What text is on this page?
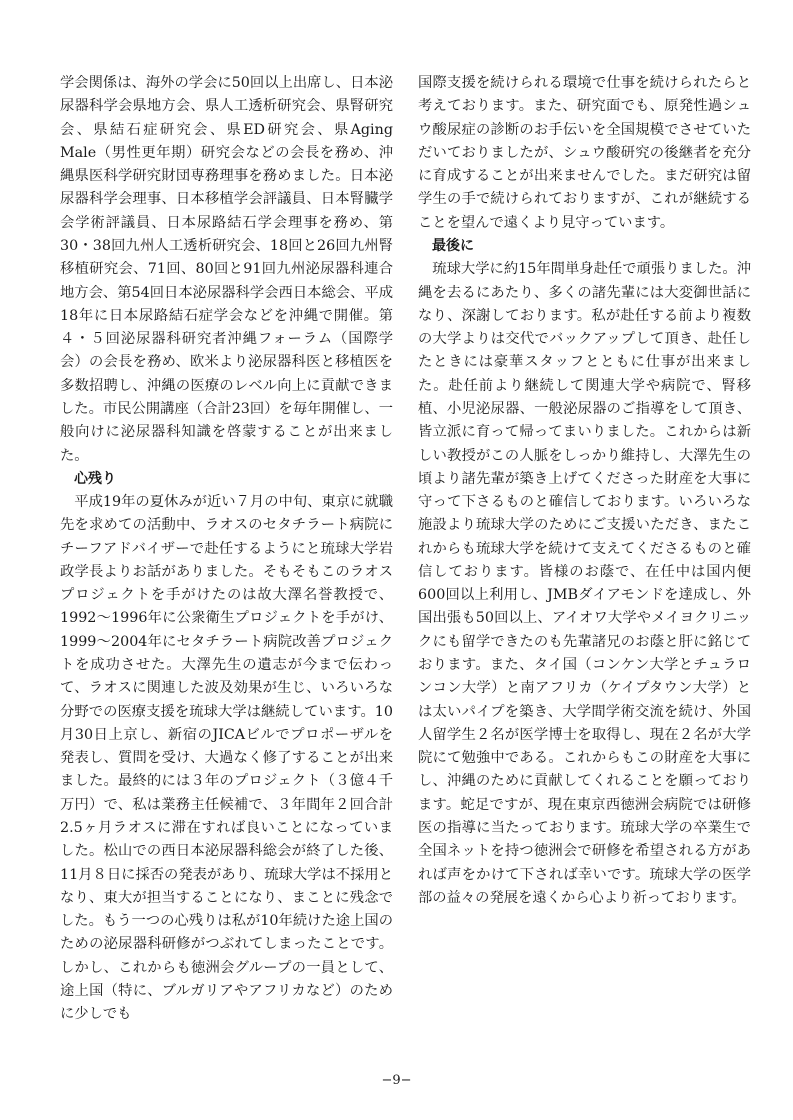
学会関係は、海外の学会に50回以上出席し、日本泌尿器科学会県地方会、県人工透析研究会、県腎研究会、県結石症研究会、県ED研究会、県Aging Male（男性更年期）研究会などの会長を務め、沖縄県医科学研究財団専務理事を務めました。日本泌尿器科学会理事、日本移植学会評議員、日本腎臓学会学術評議員、日本尿路結石学会理事を務め、第30・38回九州人工透析研究会、18回と26回九州腎移植研究会、71回、80回と91回九州泌尿器科連合地方会、第54回日本泌尿器科学会西日本総会、平成18年に日本尿路結石症学会などを沖縄で開催。第４・５回泌尿器科研究者沖縄フォーラム（国際学会）の会長を務め、欧米より泌尿器科医と移植医を多数招聘し、沖縄の医療のレベル向上に貢献できました。市民公開講座（合計23回）を毎年開催し、一般向けに泌尿器科知識を啓蒙することが出来ました。

心残り

平成19年の夏休みが近い７月の中旬、東京に就職先を求めての活動中、ラオスのセタチラート病院にチーフアドバイザーで赴任するようにと琉球大学岩政学長よりお話がありました。そもそもこのラオスプロジェクトを手がけたのは故大澤名誉教授で、1992〜1996年に公衆衛生プロジェクトを手がけ、1999〜2004年にセタチラート病院改善プロジェクトを成功させた。大澤先生の遺志が今まで伝わって、ラオスに関連した波及効果が生じ、いろいろな分野での医療支援を琉球大学は継続しています。10月30日上京し、新宿のJICAビルでプロポーザルを発表し、質問を受け、大過なく修了することが出来ました。最終的には３年のプロジェクト（３億４千万円）で、私は業務主任候補で、３年間年２回合計2.5ヶ月ラオスに滞在すれば良いことになっていました。松山での西日本泌尿器科総会が終了した後、11月８日に採否の発表があり、琉球大学は不採用となり、東大が担当することになり、まことに残念でした。もう一つの心残りは私が10年続けた途上国のための泌尿器科研修がつぶれてしまったことです。しかし、これからも徳洲会グループの一員として、途上国（特に、ブルガリアやアフリカなど）のために少しでも

国際支援を続けられる環境で仕事を続けられたらと考えております。また、研究面でも、原発性過シュウ酸尿症の診断のお手伝いを全国規模でさせていただいておりましたが、シュウ酸研究の後継者を充分に育成することが出来ませんでした。まだ研究は留学生の手で続けられておりますが、これが継続することを望んで遠くより見守っています。

最後に

琉球大学に約15年間単身赴任で頑張りました。沖縄を去るにあたり、多くの諸先輩には大変御世話になり、深謝しております。私が赴任する前より複数の大学よりは交代でバックアップして頂き、赴任したときには豪華スタッフとともに仕事が出来ました。赴任前より継続して関連大学や病院で、腎移植、小児泌尿器、一般泌尿器のご指導をして頂き、皆立派に育って帰ってまいりました。これからは新しい教授がこの人脈をしっかり維持し、大澤先生の頃より諸先輩が築き上げてくださった財産を大事に守って下さるものと確信しております。いろいろな施設より琉球大学のためにご支援いただき、またこれからも琉球大学を続けて支えてくださるものと確信しております。皆様のお蔭で、在任中は国内便600回以上利用し、JMBダイアモンドを達成し、外国出張も50回以上、アイオワ大学やメイヨクリニックにも留学できたのも先輩諸兄のお蔭と肝に銘じております。また、タイ国（コンケン大学とチュラロンコン大学）と南アフリカ（ケイプタウン大学）とは太いパイプを築き、大学間学術交流を続け、外国人留学生２名が医学博士を取得し、現在２名が大学院にて勉強中である。これからもこの財産を大事にし、沖縄のために貢献してくれることを願っております。蛇足ですが、現在東京西徳洲会病院では研修医の指導に当たっております。琉球大学の卒業生で全国ネットを持つ徳洲会で研修を希望される方があれば声をかけて下されば幸いです。琉球大学の医学部の益々の発展を遠くから心より祈っております。

−9−
